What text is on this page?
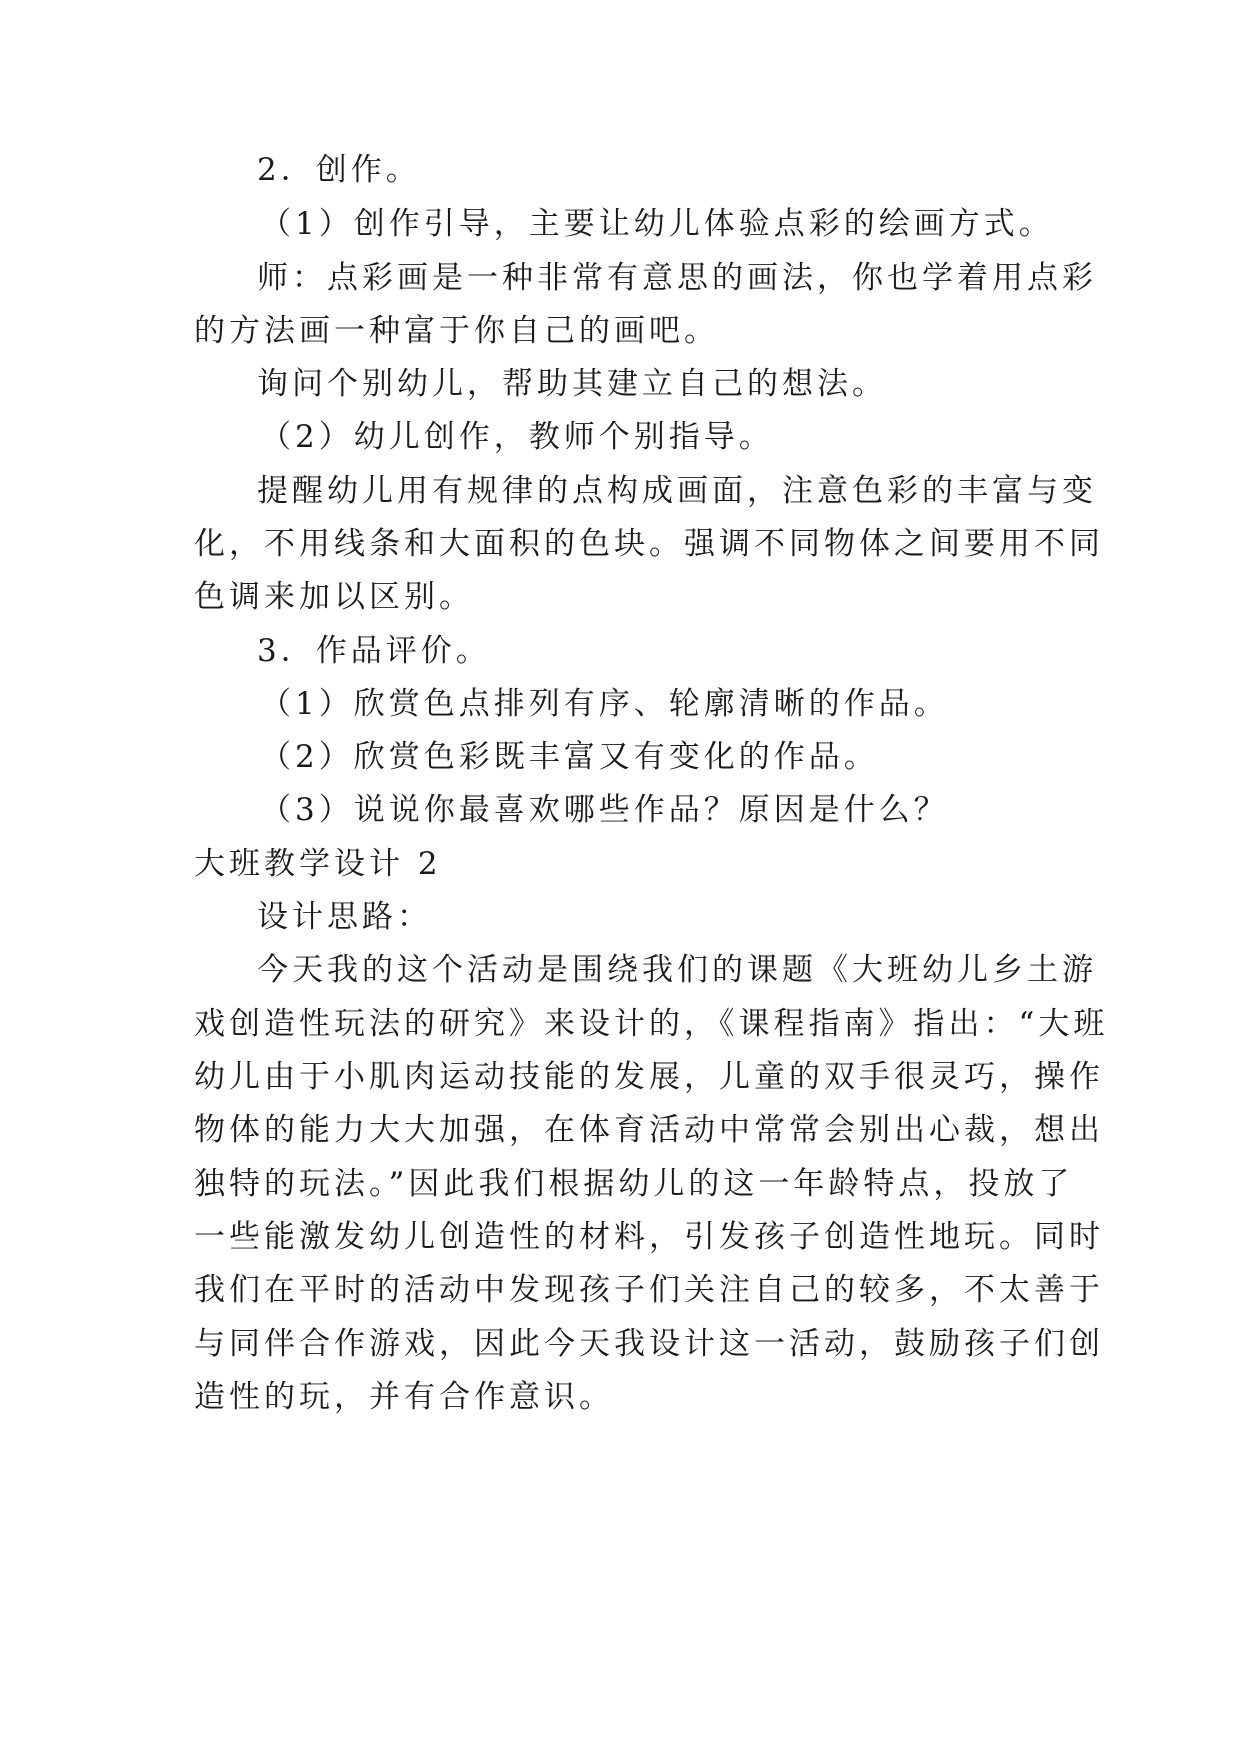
2．创作。
（1）创作引导，主要让幼儿体验点彩的绘画方式。
师：点彩画是一种非常有意思的画法，你也学着用点彩
的方法画一种富于你自己的画吧。
询问个别幼儿，帮助其建立自己的想法。
（2）幼儿创作，教师个别指导。
提醒幼儿用有规律的点构成画面，注意色彩的丰富与变
化，不用线条和大面积的色块。强调不同物体之间要用不同
色调来加以区别。
3．作品评价。
（1）欣赏色点排列有序、轮廓清晰的作品。
（2）欣赏色彩既丰富又有变化的作品。
（3）说说你最喜欢哪些作品？原因是什么？
大班教学设计 2
设计思路：
今天我的这个活动是围绕我们的课题《大班幼儿乡土游
戏创造性玩法的研究》来设计的，《课程指南》指出：“大班
幼儿由于小肌肉运动技能的发展，儿童的双手很灵巧，操作
物体的能力大大加强，在体育活动中常常会别出心裁，想出
独特的玩法。”因此我们根据幼儿的这一年龄特点，投放了
一些能激发幼儿创造性的材料，引发孩子创造性地玩。同时
我们在平时的活动中发现孩子们关注自己的较多，不太善于
与同伴合作游戏，因此今天我设计这一活动，鼓励孩子们创
造性的玩，并有合作意识。
